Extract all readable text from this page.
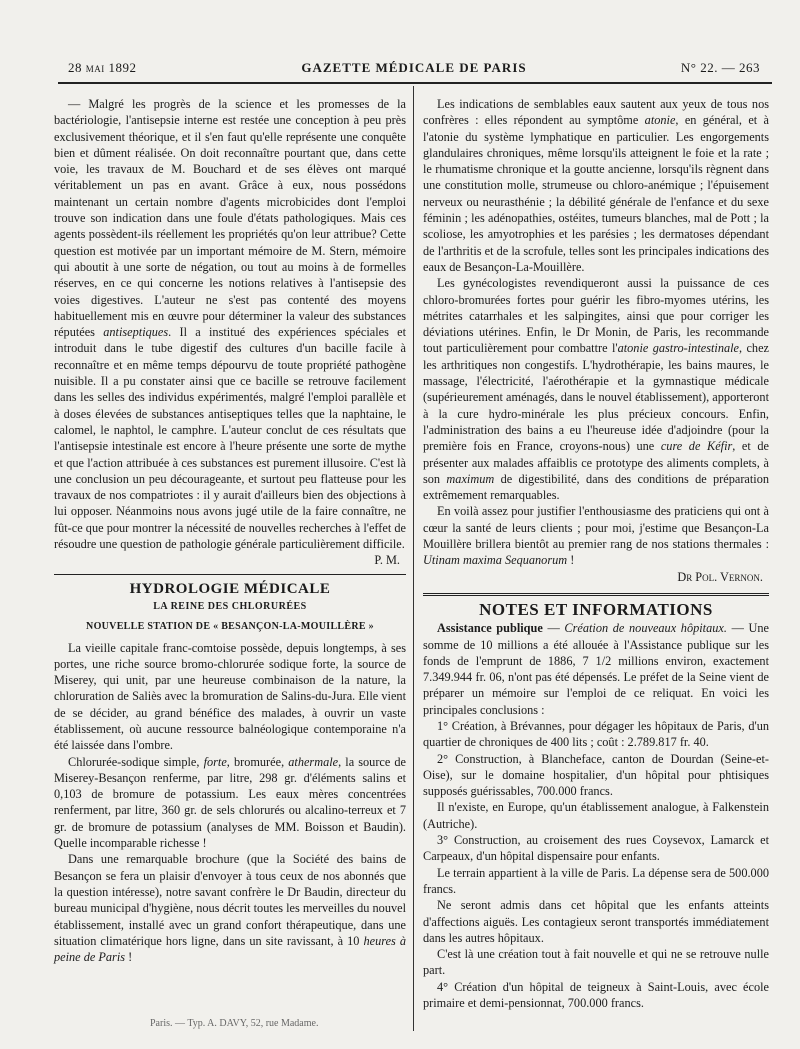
28 mai 1892	GAZETTE MÉDICALE DE PARIS	N° 22. — 263

— Malgré les progrès de la science et les promesses de la bactériologie, l'antisepsie interne est restée une conception à peu près exclusivement théorique, et il s'en faut qu'elle représente une conquête bien et dûment réalisée. On doit reconnaître pourtant que, dans cette voie, les travaux de M. Bouchard et de ses élèves ont marqué véritablement un pas en avant. Grâce à eux, nous possédons maintenant un certain nombre d'agents microbicides dont l'emploi trouve son indication dans une foule d'états pathologiques. Mais ces agents possèdent-ils réellement les propriétés qu'on leur attribue? Cette question est motivée par un important mémoire de M. Stern, mémoire qui aboutit à une sorte de négation, ou tout au moins à de formelles réserves, en ce qui concerne les notions relatives à l'antisepsie des voies digestives. L'auteur ne s'est pas contenté des moyens habituellement mis en œuvre pour déterminer la valeur des substances réputées antiseptiques. Il a institué des expériences spéciales et introduit dans le tube digestif des cultures d'un bacille facile à reconnaître et en même temps dépourvu de toute propriété pathogène nuisible. Il a pu constater ainsi que ce bacille se retrouve facilement dans les selles des individus expérimentés, malgré l'emploi parallèle et à doses élevées de substances antiseptiques telles que la naphtaine, le calomel, le naphtol, le camphre. L'auteur conclut de ces résultats que l'antisepsie intestinale est encore à l'heure présente une sorte de mythe et que l'action attribuée à ces substances est purement illusoire. C'est là une conclusion un peu décourageante, et surtout peu flatteuse pour les travaux de nos compatriotes : il y aurait d'ailleurs bien des objections à lui opposer. Néanmoins nous avons jugé utile de la faire connaître, ne fût-ce que pour montrer la nécessité de nouvelles recherches à l'effet de résoudre une question de pathologie générale particulièrement difficile.

P. M.

HYDROLOGIE MÉDICALE
LA REINE DES CHLORURÉES
NOUVELLE STATION DE « BESANÇON-LA-MOUILLÈRE »

La vieille capitale franc-comtoise possède, depuis longtemps, à ses portes, une riche source bromo-chlorurée sodique forte, la source de Miserey, qui unit, par une heureuse combinaison de la nature, la chloruration de Saliès avec la bromuration de Salins-du-Jura. Elle vient de se décider, au grand bénéfice des malades, à ouvrir un vaste établissement, où aucune ressource balnéologique contemporaine n'a été laissée dans l'ombre.

Chlorurée-sodique simple, forte, bromurée, athermale, la source de Miserey-Besançon renferme, par litre, 298 gr. d'éléments salins et 0,103 de bromure de potassium. Les eaux mères concentrées renferment, par litre, 360 gr. de sels chlorurés ou alcalino-terreux et 7 gr. de bromure de potassium (analyses de MM. Boisson et Baudin). Quelle incomparable richesse !

Dans une remarquable brochure (que la Société des bains de Besançon se fera un plaisir d'envoyer à tous ceux de nos abonnés que la question intéresse), notre savant confrère le Dr Baudin, directeur du bureau municipal d'hygiène, nous décrit toutes les merveilles du nouvel établissement, installé avec un grand confort thérapeutique, dans une situation climatérique hors ligne, dans un site ravissant, à 10 heures à peine de Paris !

Les indications de semblables eaux sautent aux yeux de tous nos confrères : elles répondent au symptôme atonie, en général, et à l'atonie du système lymphatique en particulier. Les engorgements glandulaires chroniques, même lorsqu'ils atteignent le foie et la rate ; le rhumatisme chronique et la goutte ancienne, lorsqu'ils règnent dans une constitution molle, strumeuse ou chloro-anémique ; l'épuisement nerveux ou neurasthénie ; la débilité générale de l'enfance et du sexe féminin ; les adénopathies, ostéites, tumeurs blanches, mal de Pott ; la scoliose, les amyotrophies et les parésies ; les dermatoses dépendant de l'arthritis et de la scrofule, telles sont les principales indications des eaux de Besançon-La-Mouillère.

Les gynécologistes revendiqueront aussi la puissance de ces chloro-bromurées fortes pour guérir les fibro-myomes utérins, les métrites catarrhales et les salpingites, ainsi que pour corriger les déviations utérines. Enfin, le Dr Monin, de Paris, les recommande tout particulièrement pour combattre l'atonie gastro-intestinale, chez les arthritiques non congestifs. L'hydrothérapie, les bains maures, le massage, l'électricité, l'aérothérapie et la gymnastique médicale (supérieurement aménagés, dans le nouvel établissement), apporteront à la cure hydro-minérale les plus précieux concours. Enfin, l'administration des bains a eu l'heureuse idée d'adjoindre (pour la première fois en France, croyons-nous) une cure de Kéfir, et de présenter aux malades affaiblis ce prototype des aliments complets, à son maximum de digestibilité, dans des conditions de préparation extrêmement remarquables.

En voilà assez pour justifier l'enthousiasme des praticiens qui ont à cœur la santé de leurs clients ; pour moi, j'estime que Besançon-La Mouillère brillera bientôt au premier rang de nos stations thermales : Utinam maxima Sequanorum !

Dr Pol. Vernon.

NOTES ET INFORMATIONS

Assistance publique — Création de nouveaux hôpitaux. — Une somme de 10 millions a été allouée à l'Assistance publique sur les fonds de l'emprunt de 1886, 7 1/2 millions environ, exactement 7.349.944 fr. 06, n'ont pas été dépensés. Le préfet de la Seine vient de préparer un mémoire sur l'emploi de ce reliquat. En voici les principales conclusions :

1° Création, à Brévannes, pour dégager les hôpitaux de Paris, d'un quartier de chroniques de 400 lits ; coût : 2.789.817 fr. 40.

2° Construction, à Blancheface, canton de Dourdan (Seine-et-Oise), sur le domaine hospitalier, d'un hôpital pour phtisiques supposés guérissables, 700.000 francs.

Il n'existe, en Europe, qu'un établissement analogue, à Falkenstein (Autriche).

3° Construction, au croisement des rues Coysevox, Lamarck et Carpeaux, d'un hôpital dispensaire pour enfants.

Le terrain appartient à la ville de Paris. La dépense sera de 500.000 francs.

Ne seront admis dans cet hôpital que les enfants atteints d'affections aiguës. Les contagieux seront transportés immédiatement dans les autres hôpitaux.

C'est là une création tout à fait nouvelle et qui ne se retrouve nulle part.

4° Création d'un hôpital de teigneux à Saint-Louis, avec école primaire et demi-pensionnat, 700.000 francs.

Paris. — Typ. A. DAVY, 52, rue Madame.
